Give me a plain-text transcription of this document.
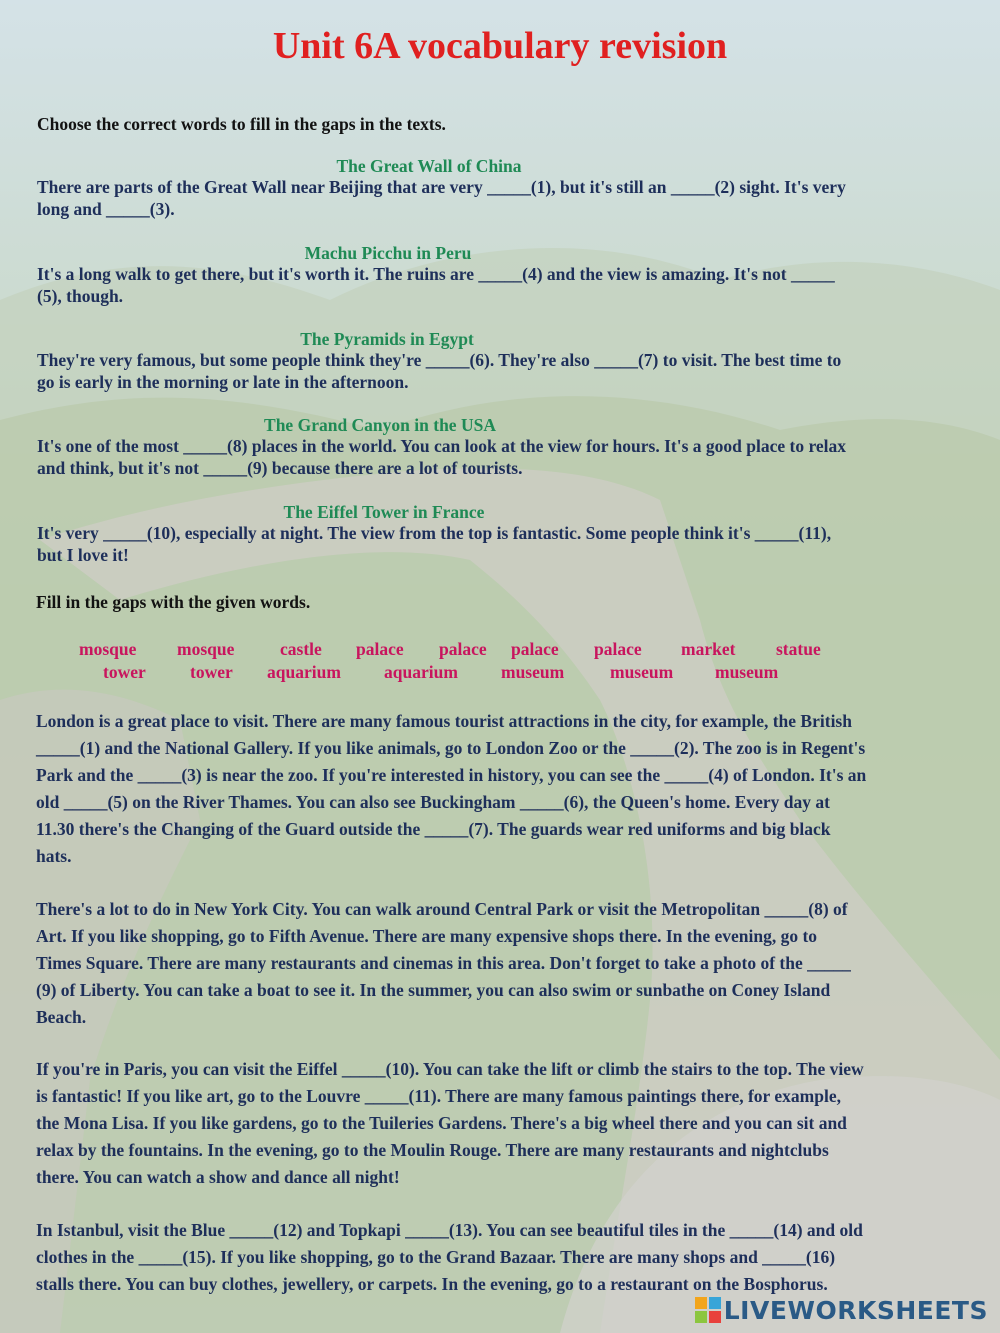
Unit 6A vocabulary revision
Choose the correct words to fill in the gaps in the texts.
The Great Wall of China
There are parts of the Great Wall near Beijing that are very _____(1), but it's still an _____(2) sight. It's very
long and _____(3).
Machu Picchu in Peru
It's a long walk to get there, but it's worth it. The ruins are _____(4) and the view is amazing. It's not _____
(5), though.
The Pyramids in Egypt
They're very famous, but some people think they're _____(6). They're also _____(7) to visit. The best time to
go is early in the morning or late in the afternoon.
The Grand Canyon in the USA
It's one of the most _____(8) places in the world. You can look at the view for hours. It's a good place to relax
and think, but it's not _____(9) because there are a lot of tourists.
The Eiffel Tower in France
It's very _____(10), especially at night. The view from the top is fantastic. Some people think it's _____(11),
but I love it!
Fill in the gaps with the given words.
mosque mosque	castle palace palace palace palace market statue
tower	tower aquarium aquarium museum	museum museum
London is a great place to visit. There are many famous tourist attractions in the city, for example, the British
_____(1) and the National Gallery. If you like animals, go to London Zoo or the _____(2). The zoo is in Regent's
Park and the _____(3) is near the zoo. If you're interested in history, you can see the _____(4) of London. It's an
old _____(5) on the River Thames. You can also see Buckingham _____(6), the Queen's home. Every day at
11.30 there's the Changing of the Guard outside the _____(7). The guards wear red uniforms and big black
hats.
There's a lot to do in New York City. You can walk around Central Park or visit the Metropolitan _____(8) of
Art. If you like shopping, go to Fifth Avenue. There are many expensive shops there. In the evening, go to
Times Square. There are many restaurants and cinemas in this area. Don't forget to take a photo of the _____
(9) of Liberty. You can take a boat to see it. In the summer, you can also swim or sunbathe on Coney Island
Beach.
If you're in Paris, you can visit the Eiffel _____(10). You can take the lift or climb the stairs to the top. The view
is fantastic! If you like art, go to the Louvre _____(11). There are many famous paintings there, for example,
the Mona Lisa. If you like gardens, go to the Tuileries Gardens. There's a big wheel there and you can sit and
relax by the fountains. In the evening, go to the Moulin Rouge. There are many restaurants and nightclubs
there. You can watch a show and dance all night!
In Istanbul, visit the Blue _____(12) and Topkapi _____(13). You can see beautiful tiles in the _____(14) and old
clothes in the _____(15). If you like shopping, go to the Grand Bazaar. There are many shops and _____(16)
stalls there. You can buy clothes, jewellery, or carpets. In the evening, go to a restaurant on the Bosphorus.
LIVEWORKSHEETS
